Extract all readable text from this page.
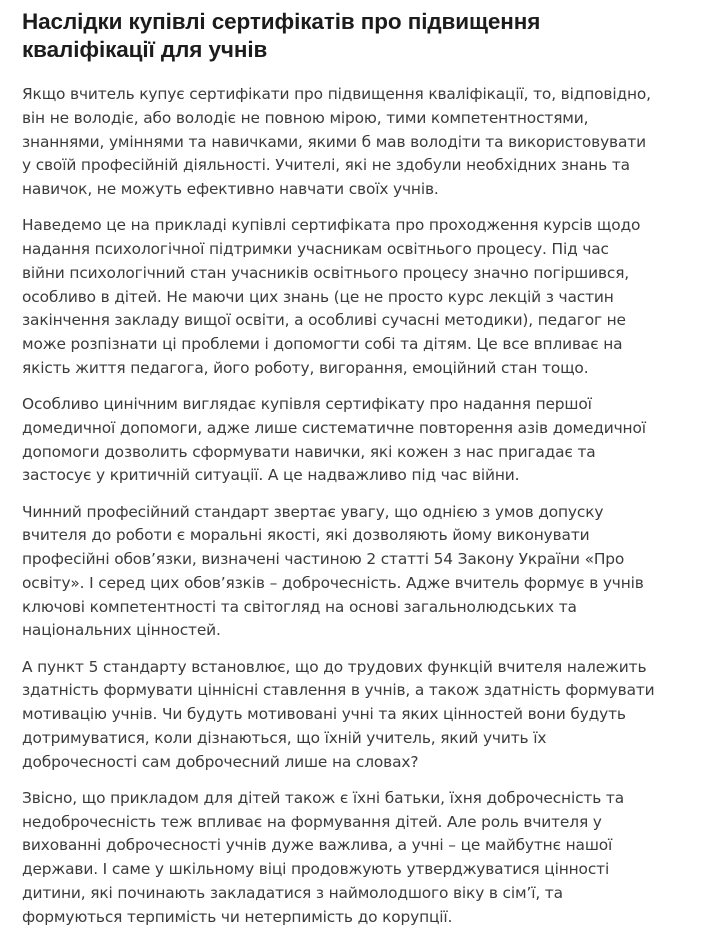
Наслідки купівлі сертифікатів про підвищення
кваліфікації для учнів

Якщо вчитель купує сертифікати про підвищення кваліфікації, то, відповідно,
він не володіє, або володіє не повною мірою, тими компетентностями,
знаннями, уміннями та навичками, якими б мав володіти та використовувати
у своїй професійній діяльності. Учителі, які не здобули необхідних знань та
навичок, не можуть ефективно навчати своїх учнів.

Наведемо це на прикладі купівлі сертифіката про проходження курсів щодо
надання психологічної підтримки учасникам освітнього процесу. Під час
війни психологічний стан учасників освітнього процесу значно погіршився,
особливо в дітей. Не маючи цих знань (це не просто курс лекцій з частин
закінчення закладу вищої освіти, а особливі сучасні методики), педагог не
може розпізнати ці проблеми і допомогти собі та дітям. Це все впливає на
якість життя педагога, його роботу, вигорання, емоційний стан тощо.

Особливо цинічним виглядає купівля сертифікату про надання першої
домедичної допомоги, адже лише систематичне повторення азів домедичної
допомоги дозволить сформувати навички, які кожен з нас пригадає та
застосує у критичній ситуації. А це надважливо під час війни.

Чинний професійний стандарт звертає увагу, що однією з умов допуску
вчителя до роботи є моральні якості, які дозволяють йому виконувати
професійні обов’язки, визначені частиною 2 статті 54 Закону України «Про
освіту». І серед цих обов’язків – доброчесність. Адже вчитель формує в учнів
ключові компетентності та світогляд на основі загальнолюдських та
національних цінностей.

А пункт 5 стандарту встановлює, що до трудових функцій вчителя належить
здатність формувати ціннісні ставлення в учнів, а також здатність формувати
мотивацію учнів. Чи будуть мотивовані учні та яких цінностей вони будуть
дотримуватися, коли дізнаються, що їхній учитель, який учить їх
доброчесності сам доброчесний лише на словах?

Звісно, що прикладом для дітей також є їхні батьки, їхня доброчесність та
недоброчесність теж впливає на формування дітей. Але роль вчителя у
вихованні доброчесності учнів дуже важлива, а учні – це майбутнє нашої
держави. І саме у шкільному віці продовжують утверджуватися цінності
дитини, які починають закладатися з наймолодшого віку в сім’ї, та
формуються терпимість чи нетерпимість до корупції.
